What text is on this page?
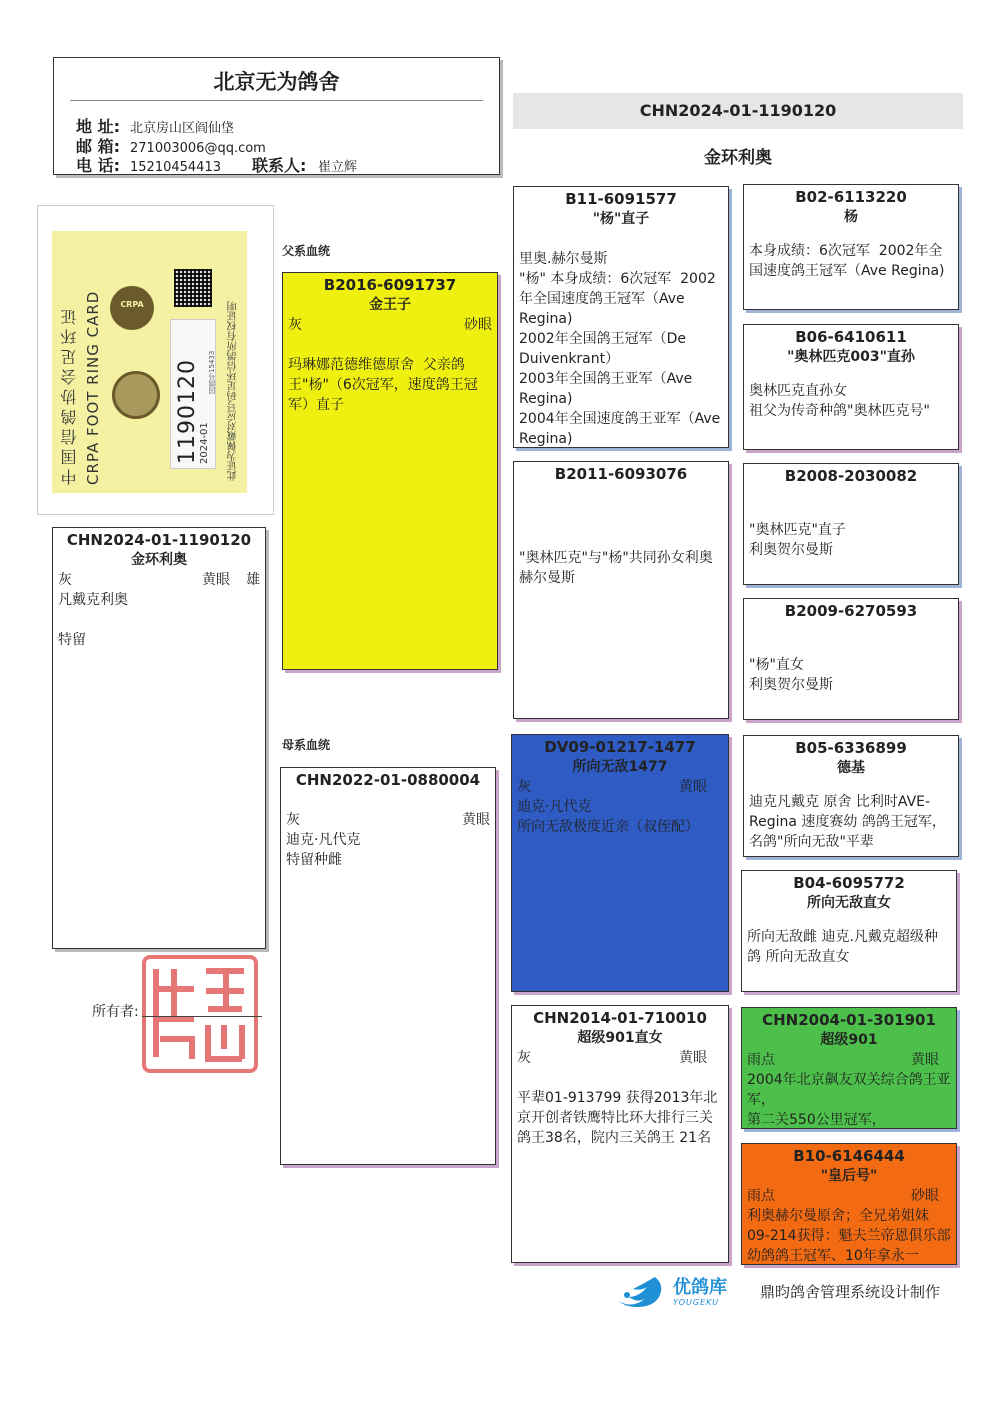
北京无为鸽舍
地 址: 北京房山区阎仙垡
邮 箱: 271003006@qq.com
电 话: 15210454413	联系人: 崔立辉
CHN2024-01-1190120
金环利奥
中国信鸽协会足环证 CRPA FOOT RING CARD	CRPA
1190120 2024-01
国鸽号15433 此证为佩戴对应号码足环信鸽所有权证明
CHN2024-01-1190120
金环利奥
灰	黄眼 雄
凡戴克利奥
特留
父系血统
母系血统
B2016-6091737
金王子
灰	砂眼
玛琳娜范德维德原舍  父亲鸽王"杨"（6次冠军，速度鸽王冠军）直子
CHN2022-01-0880004
灰	黄眼
迪克·凡代克
特留种雌
B11-6091577
"杨"直子
里奥.赫尔曼斯
"杨" 本身成绩：6次冠军  2002年全国速度鸽王冠军（Ave Regina)
2002年全国鸽王冠军（De Duivenkrant）
2003年全国鸽王亚军（Ave Regina)
2004年全国速度鸽王亚军（Ave Regina)
B2011-6093076
"奥林匹克"与"杨"共同孙女利奥赫尔曼斯
DV09-01217-1477
所向无敌1477
灰	黄眼
迪克·凡代克
所向无敌极度近亲（叔侄配）
CHN2014-01-710010
超级901直女
灰	黄眼
平辈01-913799 获得2013年北京开创者铁鹰特比环大排行三关鸽王38名，院内三关鸽王 21名
B02-6113220
杨
本身成绩：6次冠军  2002年全国速度鸽王冠军（Ave Regina)
B06-6410611
"奥林匹克003"直孙
奥林匹克直孙女
祖父为传奇种鸽"奥林匹克号"
B2008-2030082
"奥林匹克"直子
利奥贺尔曼斯
B2009-6270593
"杨"直女
利奥贺尔曼斯
B05-6336899
德基
迪克凡戴克 原舍 比利时AVE-Regina 速度赛幼 鸽鸽王冠军，名鸽"所向无敌"平辈
B04-6095772
所向无敌直女
所向无敌雌 迪克.凡戴克超级种鸽 所向无敌直女
CHN2004-01-301901
超级901
雨点	黄眼
2004年北京飙友双关综合鸽王亚军，
第二关550公里冠军，
B10-6146444
"皇后号"
雨点	砂眼
利奥赫尔曼原舍；全兄弟姐妹09-214获得：魁夫兰帝恩俱乐部幼鸽鸽王冠军、10年拿永一
所有者:
优鸽库
YOUGEKU
鼎昀鸽舍管理系统设计制作
